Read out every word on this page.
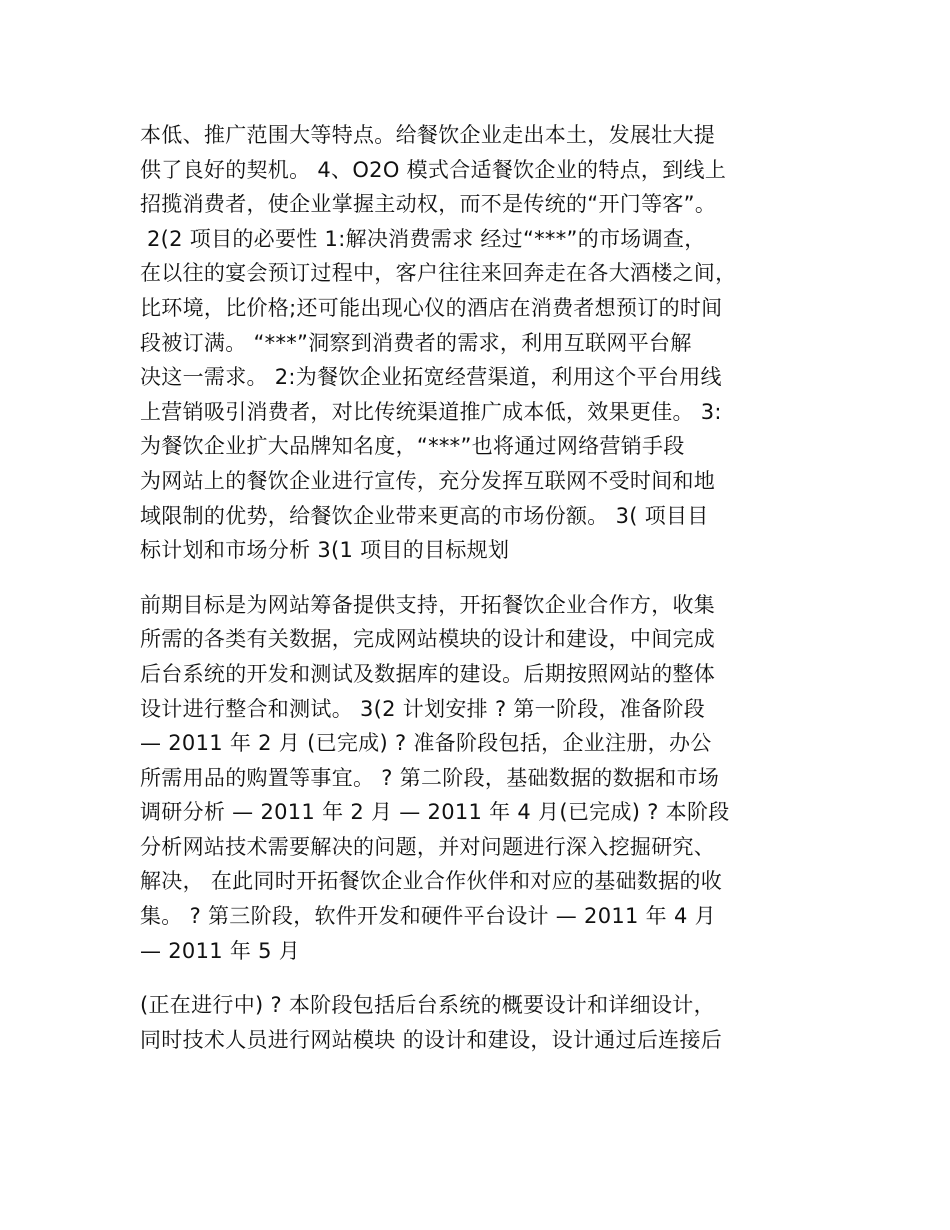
本低、推广范围大等特点。给餐饮企业走出本土，发展壮大提
供了良好的契机。 4、O2O 模式合适餐饮企业的特点，到线上
招揽消费者，使企业掌握主动权，而不是传统的“开门等客”。
2(2 项目的必要性 1:解决消费需求 经过“***”的市场调查，
在以往的宴会预订过程中，客户往往来回奔走在各大酒楼之间，
比环境，比价格;还可能出现心仪的酒店在消费者想预订的时间
段被订满。 “***”洞察到消费者的需求，利用互联网平台解
决这一需求。 2:为餐饮企业拓宽经营渠道，利用这个平台用线
上营销吸引消费者，对比传统渠道推广成本低，效果更佳。 3:
为餐饮企业扩大品牌知名度，“***”也将通过网络营销手段
为网站上的餐饮企业进行宣传，充分发挥互联网不受时间和地
域限制的优势，给餐饮企业带来更高的市场份额。 3( 项目目
标计划和市场分析 3(1 项目的目标规划
前期目标是为网站筹备提供支持，开拓餐饮企业合作方，收集
所需的各类有关数据，完成网站模块的设计和建设，中间完成
后台系统的开发和测试及数据库的建设。后期按照网站的整体
设计进行整合和测试。 3(2 计划安排 ? 第一阶段，准备阶段
— 2011 年 2 月 (已完成) ? 准备阶段包括，企业注册，办公
所需用品的购置等事宜。 ? 第二阶段，基础数据的数据和市场
调研分析 — 2011 年 2 月 — 2011 年 4 月(已完成) ? 本阶段
分析网站技术需要解决的问题，并对问题进行深入挖掘研究、
解决， 在此同时开拓餐饮企业合作伙伴和对应的基础数据的收
集。 ? 第三阶段，软件开发和硬件平台设计 — 2011 年 4 月
— 2011 年 5 月
(正在进行中) ? 本阶段包括后台系统的概要设计和详细设计，
同时技术人员进行网站模块 的设计和建设，设计通过后连接后
